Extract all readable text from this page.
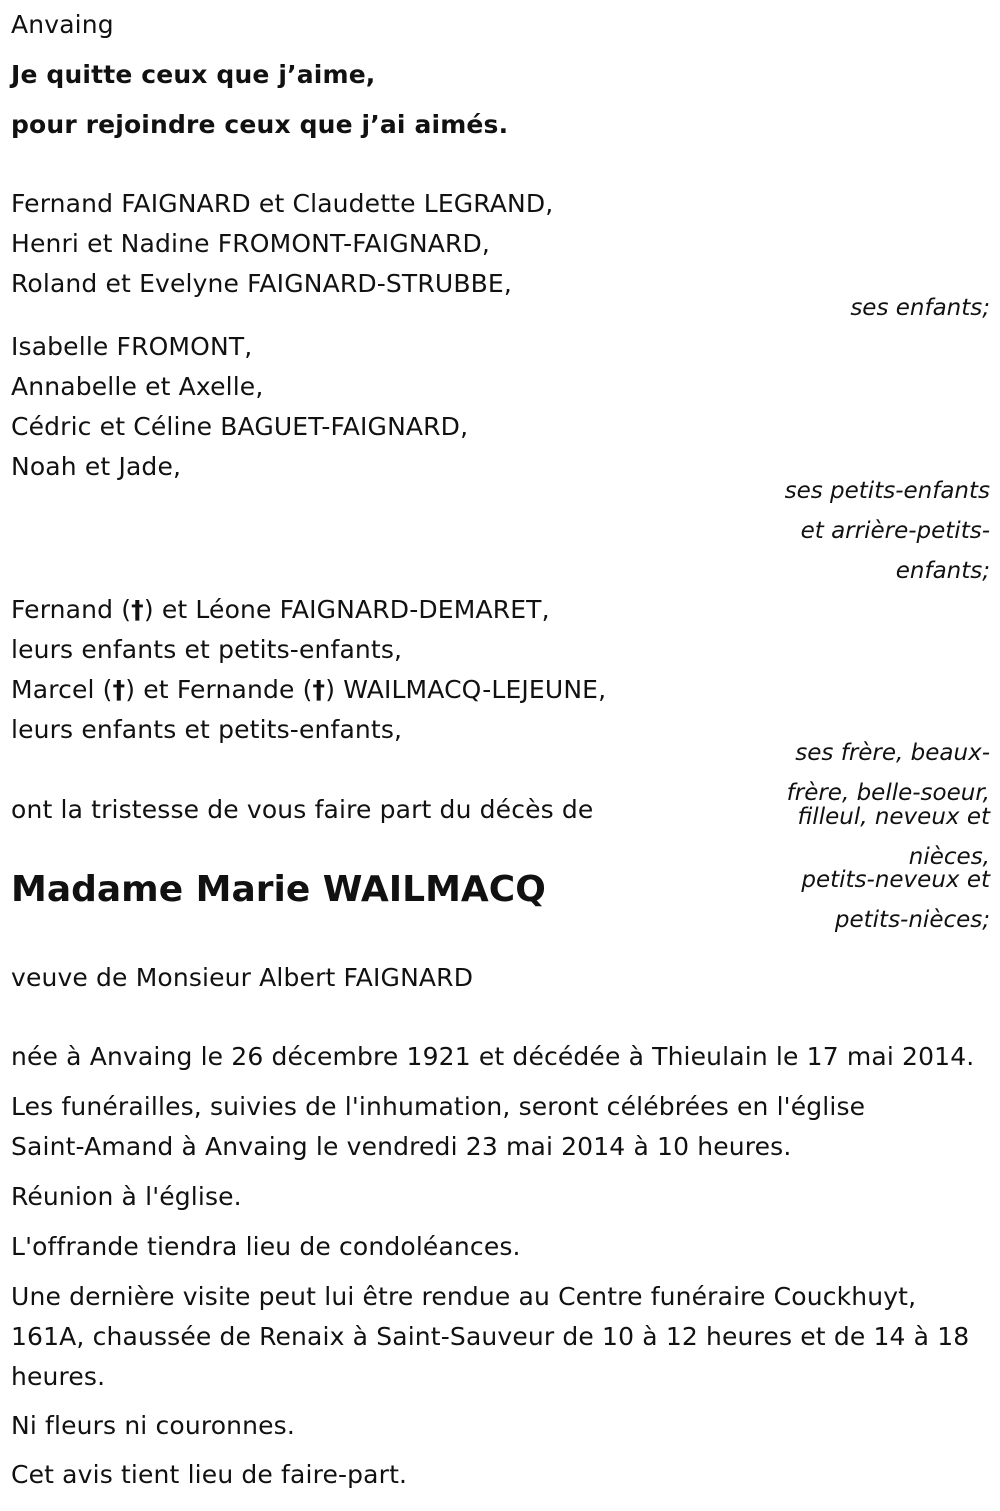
Anvaing
Je quitte ceux que j’aime,
pour rejoindre ceux que j’ai aimés.
Fernand FAIGNARD et Claudette LEGRAND,
Henri et Nadine FROMONT-FAIGNARD,
Roland et Evelyne FAIGNARD-STRUBBE,
ses enfants;
Isabelle FROMONT,
Annabelle et Axelle,
Cédric et Céline BAGUET-FAIGNARD,
Noah et Jade,
ses petits-enfants
et arrière-petits-
enfants;
Fernand (†) et Léone FAIGNARD-DEMARET,
leurs enfants et petits-enfants,
Marcel (†) et Fernande (†) WAILMACQ-LEJEUNE,
leurs enfants et petits-enfants,
ses frère, beaux-
frère, belle-soeur,
filleul, neveux et
nièces,
petits-neveux et
petits-nièces;
ont la tristesse de vous faire part du décès de
Madame Marie WAILMACQ
veuve de Monsieur Albert FAIGNARD
née à Anvaing le 26 décembre 1921 et décédée à Thieulain le 17 mai 2014.
Les funérailles, suivies de l'inhumation, seront célébrées en l'église
Saint-Amand à Anvaing le vendredi 23 mai 2014 à 10 heures.
Réunion à l'église.
L'offrande tiendra lieu de condoléances.
Une dernière visite peut lui être rendue au Centre funéraire Couckhuyt,
161A, chaussée de Renaix à Saint-Sauveur de 10 à 12 heures et de 14 à 18
heures.
Ni fleurs ni couronnes.
Cet avis tient lieu de faire-part.
